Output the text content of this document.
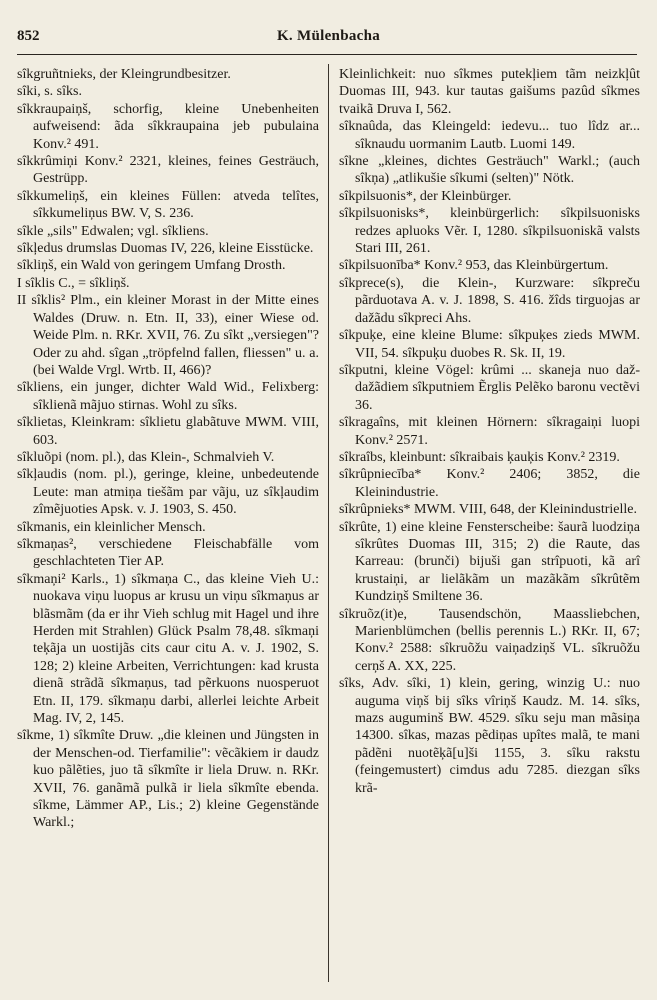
852	K. Mülenbacha

sîkgruñtnieks, der Kleingrundbesitzer.

sîki, s. sîks.

sîkkraupaiņš, schorfig, kleine Unebenheiten aufweisend: ãda sîkkraupaina jeb pubulaina Konv.² 491.

sîkkrûmiņi Konv.² 2321, kleines, feines Gesträuch, Gestrüpp.

sîkkumeliņš, ein kleines Füllen: atveda telîtes, sîkkumeliņus BW. V, S. 236.

sîkle „sils" Edwalen; vgl. sîkliens.

sîkļedus drumslas Duomas IV, 226, kleine Eisstücke.

sîkliņš, ein Wald von geringem Umfang Drosth.

I sîklis C., = sîkliņš.

II sîklis² Plm., ein kleiner Morast in der Mitte eines Waldes (Druw. n. Etn. II, 33), einer Wiese od. Weide Plm. n. RKr. XVII, 76. Zu sîkt „versiegen"? Oder zu ahd. sîgan „tröpfelnd fallen, fliessen" u. a. (bei Walde Vrgl. Wrtb. II, 466)?

sîkliens, ein junger, dichter Wald Wid., Felixberg: sîklienã mãjuo stirnas. Wohl zu sîks.

sîklietas, Kleinkram: sîklietu glabãtuve MWM. VIII, 603.

sîkluõpi (nom. pl.), das Klein-, Schmalvieh V.

sîkļaudis (nom. pl.), geringe, kleine, unbedeutende Leute: man atmiņa tiešãm par vãju, uz sîkļaudim zîmẽjuoties Apsk. v. J. 1903, S. 450.

sîkmanis, ein kleinlicher Mensch.

sîkmaņas², verschiedene Fleischabfälle vom geschlachteten Tier AP.

sîkmaņi² Karls., 1) sîkmaņa C., das kleine Vieh U.: nuokava viņu luopus ar krusu un viņu sîkmaņus ar blãsmãm (da er ihr Vieh schlug mit Hagel und ihre Herden mit Strahlen) Glück Psalm 78,48. sîkmaņi teķãja un uostijãs cits caur citu A. v. J. 1902, S. 128; 2) kleine Arbeiten, Verrichtungen: kad krusta dienã strãdã sîkmaņus, tad pẽrkuons nuosperuot Etn. II, 179. sîkmaņu darbi, allerlei leichte Arbeit Mag. IV, 2, 145.

sîkme, 1) sîkmîte Druw. „die kleinen und Jüngsten in der Menschen-od. Tierfamilie": vẽcãkiem ir daudz kuo pãlẽties, juo tã sîkmîte ir liela Druw. n. RKr. XVII, 76. ganãmã pulkã ir liela sîkmîte ebenda. sîkme, Lämmer AP., Lis.; 2) kleine Gegenstände Warkl.;

Kleinlichkeit: nuo sîkmes putekļiem tãm neizkļût Duomas III, 943. kur tautas gaišums pazûd sîkmes tvaikã Druva I, 562.

sîknaûda, das Kleingeld: iedevu... tuo lîdz ar... sîknaudu uormanim Lautb. Luomi 149.

sîkne „kleines, dichtes Gesträuch" Warkl.; (auch sîkņa) „atlikušie sîkumi (selten)" Nötk.

sîkpilsuonis*, der Kleinbürger.

sîkpilsuonisks*, kleinbürgerlich: sîkpilsuonisks redzes apluoks Vẽr. I, 1280. sîkpilsuoniskã valsts Stari III, 261.

sîkpilsuonība* Konv.² 953, das Kleinbürgertum.

sîkprece(s), die Klein-, Kurzware: sîkpreču pãrduotava A. v. J. 1898, S. 416. žîds tirguojas ar dažãdu sîkpreci Ahs.

sîkpuķe, eine kleine Blume: sîkpuķes zieds MWM. VII, 54. sîkpuķu duobes R. Sk. II, 19.

sîkputni, kleine Vögel: krûmi ... skaneja nuo daž-dažãdiem sîkputniem Ẽrglis Pelẽko baronu vectẽvi 36.

sîkragaîns, mit kleinen Hörnern: sîkragaiņi luopi Konv.² 2571.

sîkraîbs, kleinbunt: sîkraibais ķauķis Konv.² 2319.

sîkrûpniecība* Konv.² 2406; 3852, die Kleinindustrie.

sîkrûpnieks* MWM. VIII, 648, der Kleinindustrielle.

sîkrûte, 1) eine kleine Fensterscheibe: šaurã luodziņa sîkrûtes Duomas III, 315; 2) die Raute, das Karreau: (brunči) bijuši gan strîpuoti, kã arî krustaiņi, ar lielãkãm un mazãkãm sîkrûtẽm Kundziņš Smiltene 36.

sîkruõz(it)e, Tausendschön, Maassliebchen, Marienblümchen (bellis perennis L.) RKr. II, 67; Konv.² 2588: sîkruõžu vaiņadziņš VL. sîkruõžu cerņš A. XX, 225.

sîks, Adv. sîki, 1) klein, gering, winzig U.: nuo auguma viņš bij sîks vîriņš Kaudz. M. 14. sîks, mazs auguminš BW. 4529. sîku seju man mãsiņa 14300. sîkas, mazas pẽdiņas upîtes malã, te mani pãdẽni nuotẽķã[u]ši 1155, 3. sîku rakstu (feingemustert) cimdus adu 7285. diezgan sîks krã-
